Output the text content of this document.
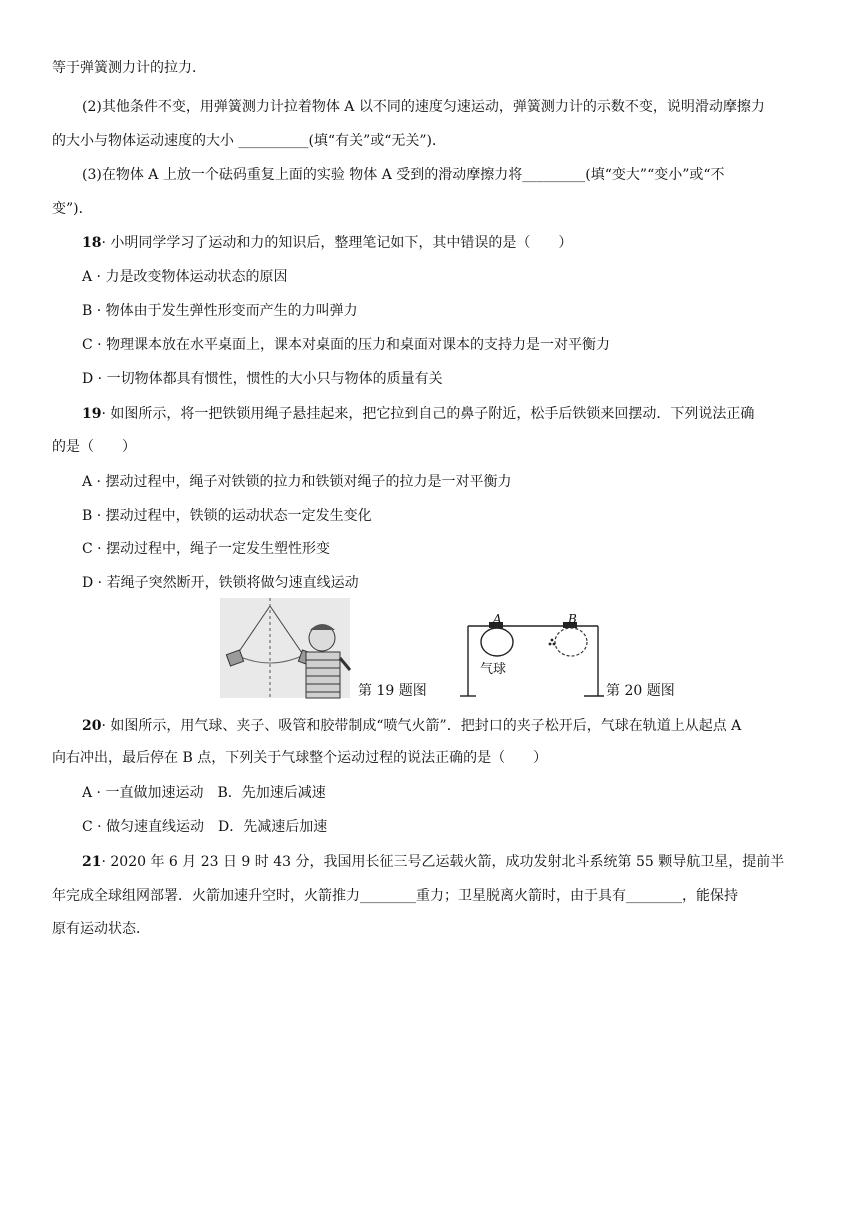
等于弹簧测力计的拉力．
(2)其他条件不变，用弹簧测力计拉着物体 A 以不同的速度匀速运动，弹簧测力计的示数不变，说明滑动摩擦力
的大小与物体运动速度的大小 __________(填“有关”或“无关”)．
(3)在物体 A 上放一个砝码重复上面的实验 物体 A 受到的滑动摩擦力将_________(填“变大”“变小”或“不
变”)．
18· 小明同学学习了运动和力的知识后，整理笔记如下，其中错误的是（　　）
A · 力是改变物体运动状态的原因
B · 物体由于发生弹性形变而产生的力叫弹力
C · 物理课本放在水平桌面上，课本对桌面的压力和桌面对课本的支持力是一对平衡力
D · 一切物体都具有惯性，惯性的大小只与物体的质量有关
19· 如图所示，将一把铁锁用绳子悬挂起来，把它拉到自己的鼻子附近，松手后铁锁来回摆动．下列说法正确
的是（　　）
A · 摆动过程中，绳子对铁锁的拉力和铁锁对绳子的拉力是一对平衡力
B · 摆动过程中，铁锁的运动状态一定发生变化
C · 摆动过程中，绳子一定发生塑性形变
D · 若绳子突然断开，铁锁将做匀速直线运动
第 19 题图
A	B
气球
第 20 题图
20· 如图所示，用气球、夹子、吸管和胶带制成“喷气火箭”．把封口的夹子松开后，气球在轨道上从起点 A
向右冲出，最后停在 B 点，下列关于气球整个运动过程的说法正确的是（　　）
A · 一直做加速运动　B．先加速后减速
C · 做匀速直线运动　D．先减速后加速
21· 2020 年 6 月 23 日 9 时 43 分，我国用长征三号乙运载火箭，成功发射北斗系统第 55 颗导航卫星，提前半
年完成全球组网部署．火箭加速升空时，火箭推力________重力；卫星脱离火箭时，由于具有________，能保持
原有运动状态．
